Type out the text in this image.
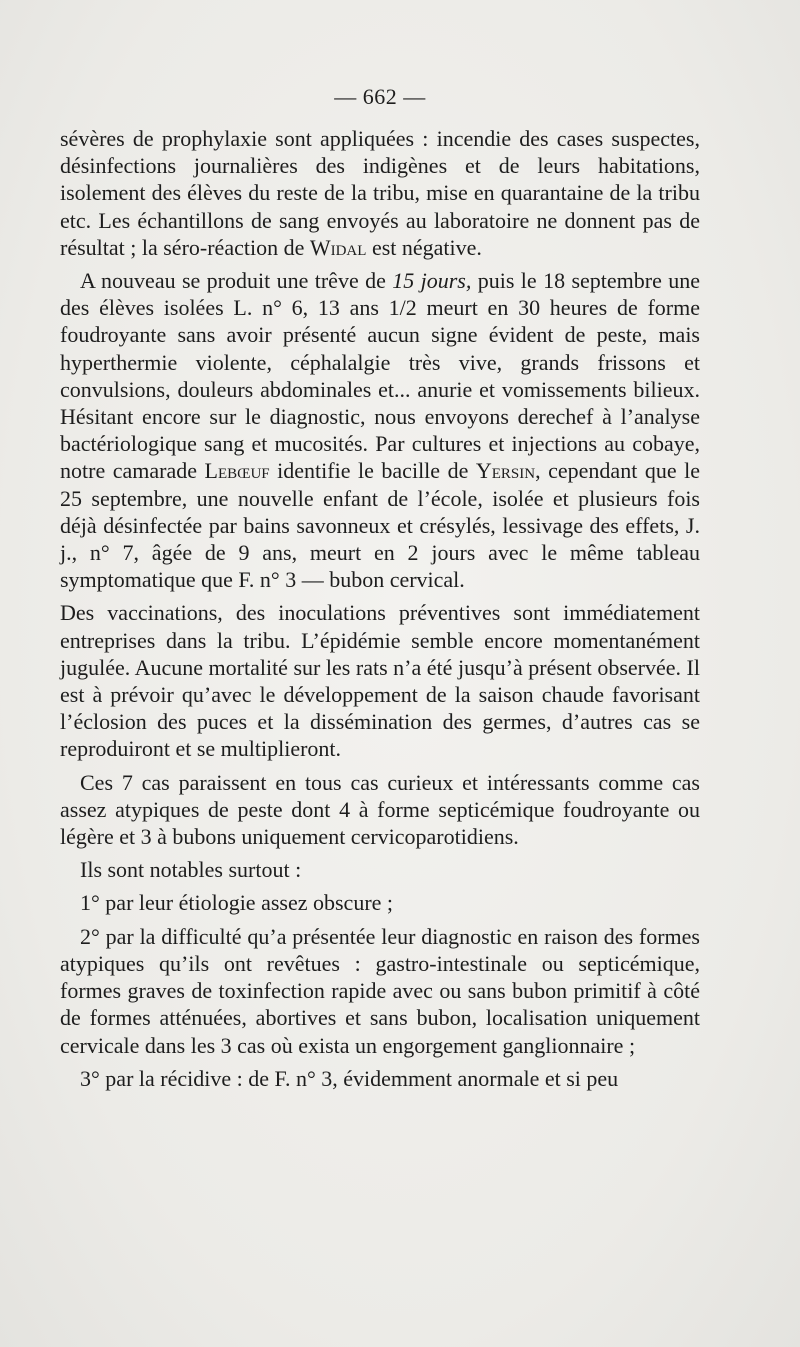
— 662 —

sévères de prophylaxie sont appliquées : incendie des cases suspectes, désinfections journalières des indigènes et de leurs habitations, isolement des élèves du reste de la tribu, mise en quarantaine de la tribu etc. Les échantillons de sang envoyés au laboratoire ne donnent pas de résultat ; la séro-réaction de Widal est négative.

A nouveau se produit une trêve de 15 jours, puis le 18 septembre une des élèves isolées L. n° 6, 13 ans 1/2 meurt en 30 heures de forme foudroyante sans avoir présenté aucun signe évident de peste, mais hyperthermie violente, céphalalgie très vive, grands frissons et convulsions, douleurs abdominales et... anurie et vomissements bilieux. Hésitant encore sur le diagnostic, nous envoyons derechef à l’analyse bactériologique sang et mucosités. Par cultures et injections au cobaye, notre camarade Lebœuf identifie le bacille de Yersin, cependant que le 25 septembre, une nouvelle enfant de l’école, isolée et plusieurs fois déjà désinfectée par bains savonneux et crésylés, lessivage des effets, J. j., n° 7, âgée de 9 ans, meurt en 2 jours avec le même tableau symptomatique que F. n° 3 — bubon cervical.

Des vaccinations, des inoculations préventives sont immédiatement entreprises dans la tribu. L’épidémie semble encore momentanément jugulée. Aucune mortalité sur les rats n’a été jusqu’à présent observée. Il est à prévoir qu’avec le développement de la saison chaude favorisant l’éclosion des puces et la dissémination des germes, d’autres cas se reproduiront et se multiplieront.

Ces 7 cas paraissent en tous cas curieux et intéressants comme cas assez atypiques de peste dont 4 à forme septicémique foudroyante ou légère et 3 à bubons uniquement cervicoparotidiens.

Ils sont notables surtout :

1° par leur étiologie assez obscure ;

2° par la difficulté qu’a présentée leur diagnostic en raison des formes atypiques qu’ils ont revêtues : gastro-intestinale ou septicémique, formes graves de toxinfection rapide avec ou sans bubon primitif à côté de formes atténuées, abortives et sans bubon, localisation uniquement cervicale dans les 3 cas où exista un engorgement ganglionnaire ;

3° par la récidive : de F. n° 3, évidemment anormale et si peu
